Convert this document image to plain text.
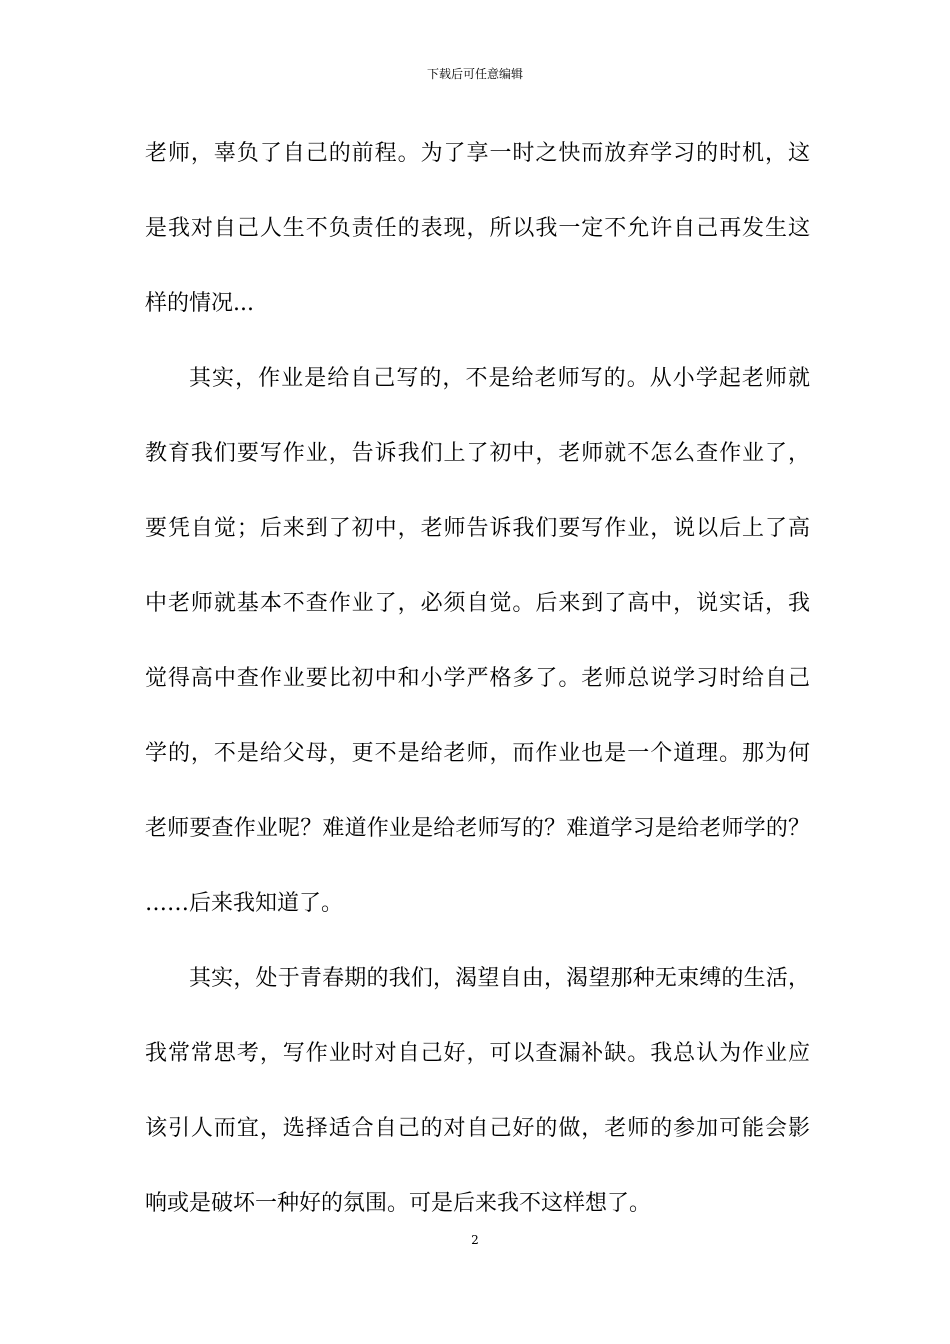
下载后可任意编辑
老师，辜负了自己的前程。为了享一时之快而放弃学习的时机，这
是我对自己人生不负责任的表现，所以我一定不允许自己再发生这
样的情况...
其实，作业是给自己写的，不是给老师写的。从小学起老师就
教育我们要写作业，告诉我们上了初中，老师就不怎么查作业了，
要凭自觉；后来到了初中，老师告诉我们要写作业，说以后上了高
中老师就基本不查作业了，必须自觉。后来到了高中，说实话，我
觉得高中查作业要比初中和小学严格多了。老师总说学习时给自己
学的，不是给父母，更不是给老师，而作业也是一个道理。那为何
老师要查作业呢？难道作业是给老师写的？难道学习是给老师学的？
……后来我知道了。
其实，处于青春期的我们，渴望自由，渴望那种无束缚的生活，
我常常思考，写作业时对自己好，可以查漏补缺。我总认为作业应
该引人而宜，选择适合自己的对自己好的做，老师的参加可能会影
响或是破坏一种好的氛围。可是后来我不这样想了。
2
